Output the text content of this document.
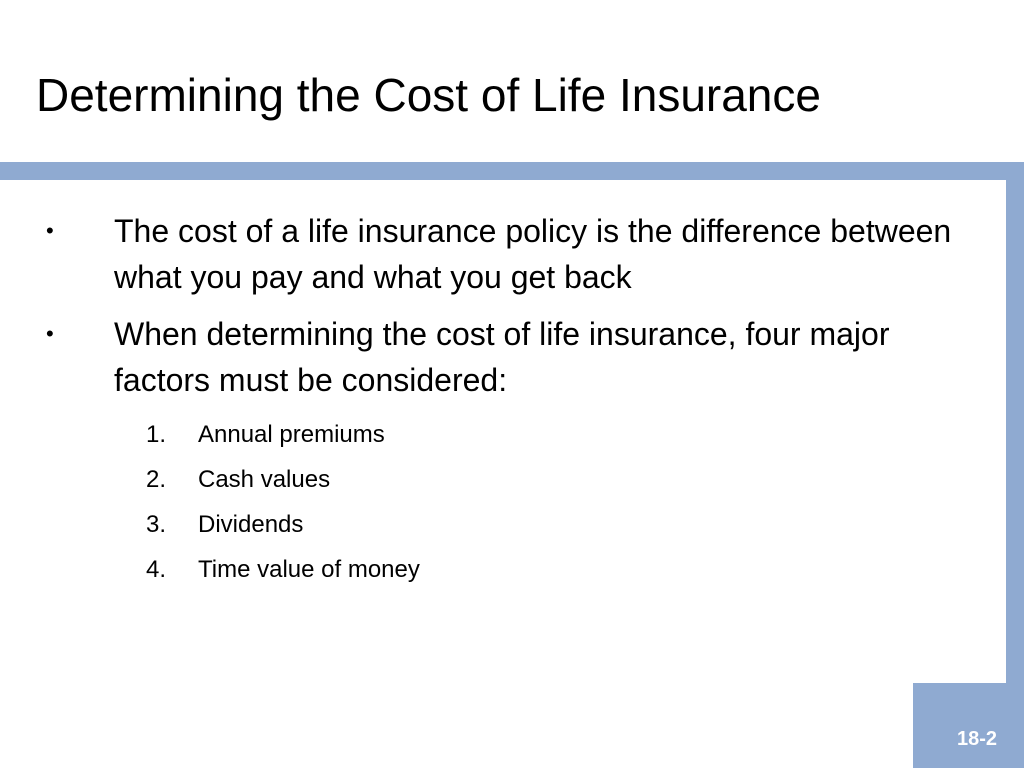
Determining the Cost of Life Insurance
• The cost of a life insurance policy is the difference between what you pay and what you get back
• When determining the cost of life insurance, four major factors must be considered:
1. Annual premiums
2. Cash values
3. Dividends
4. Time value of money
18-2
